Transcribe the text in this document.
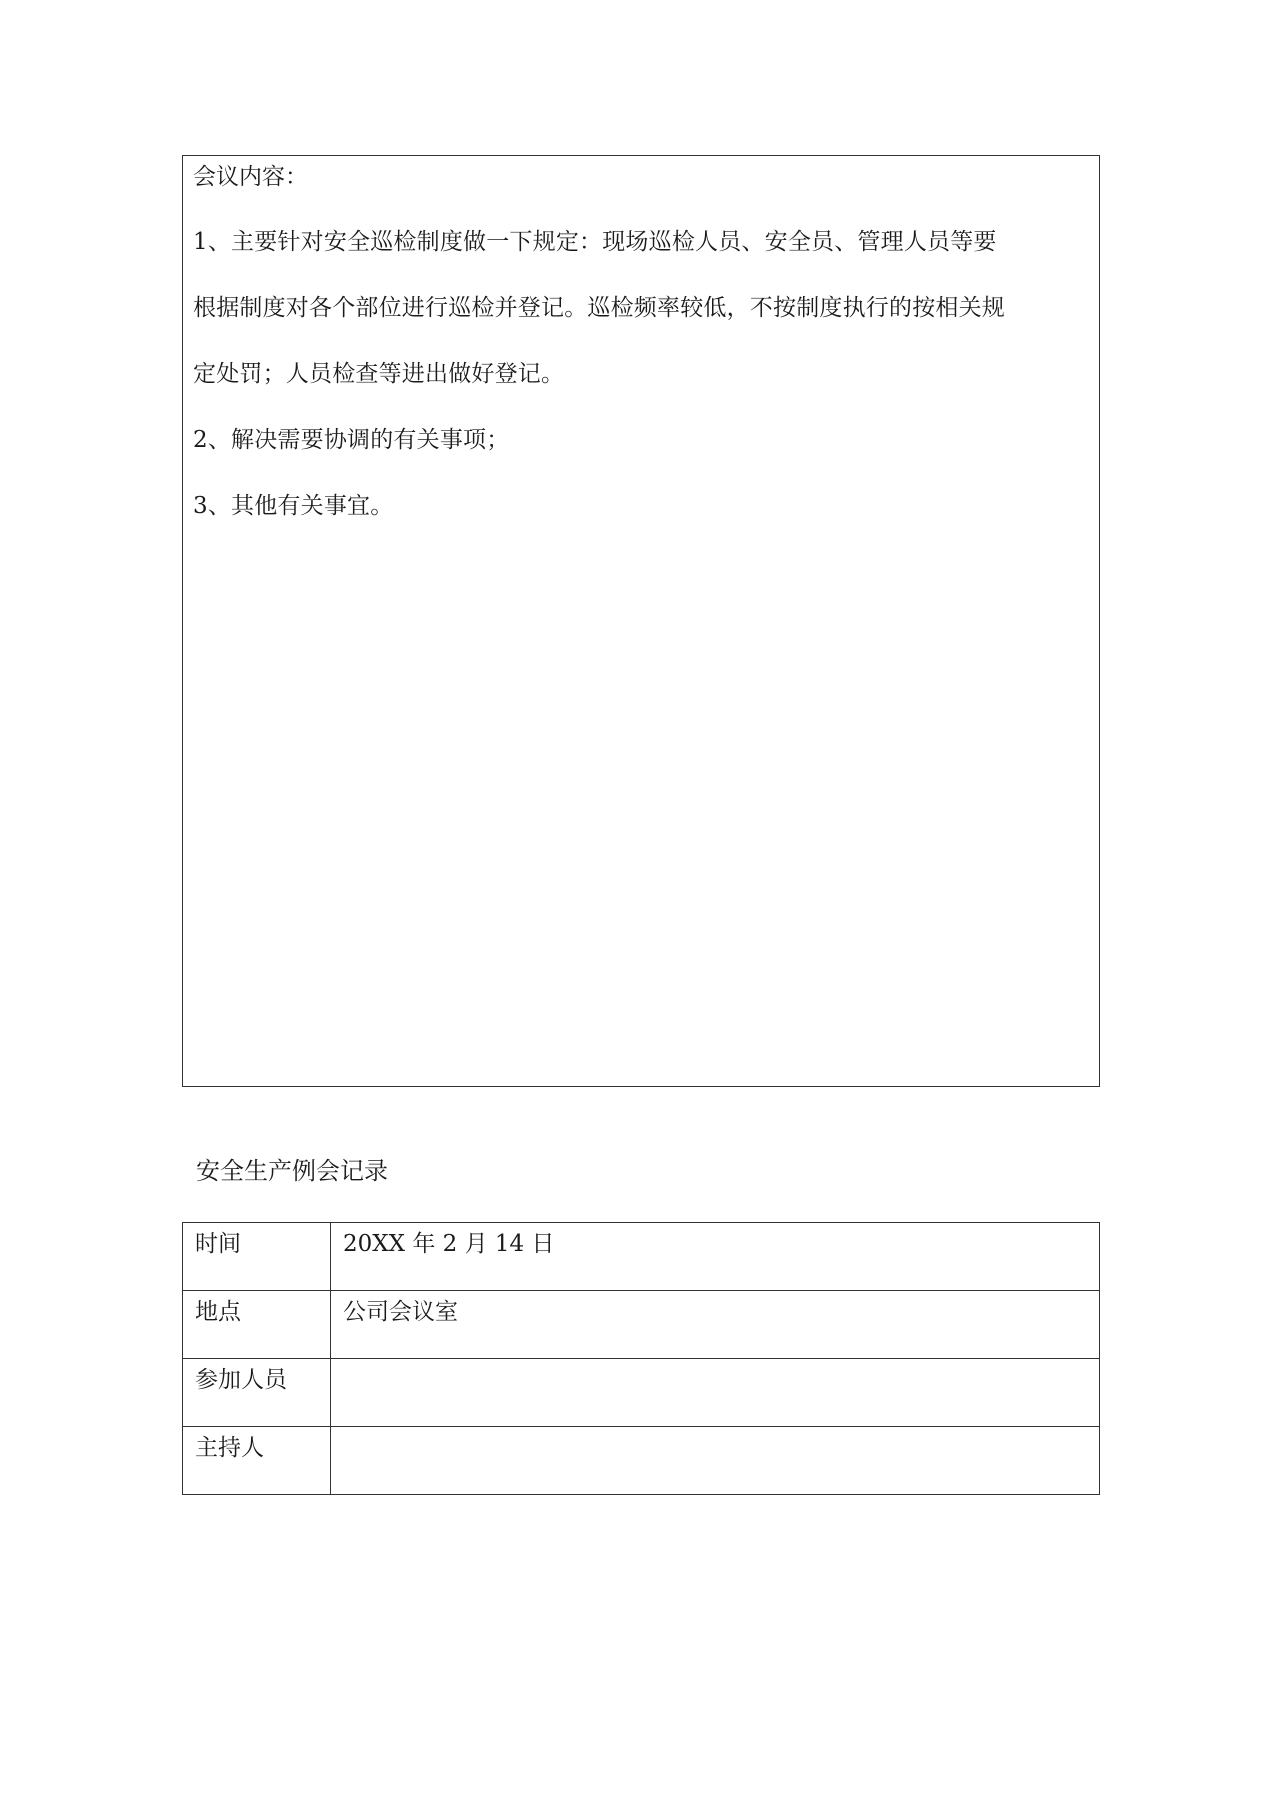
会议内容：
1、主要针对安全巡检制度做一下规定：现场巡检人员、安全员、管理人员等要
根据制度对各个部位进行巡检并登记。巡检频率较低，不按制度执行的按相关规
定处罚；人员检查等进出做好登记。
2、解决需要协调的有关事项；
3、其他有关事宜。
安全生产例会记录
时间	20XX 年 2 月 14 日
地点	公司会议室
参加人员	
主持人	
